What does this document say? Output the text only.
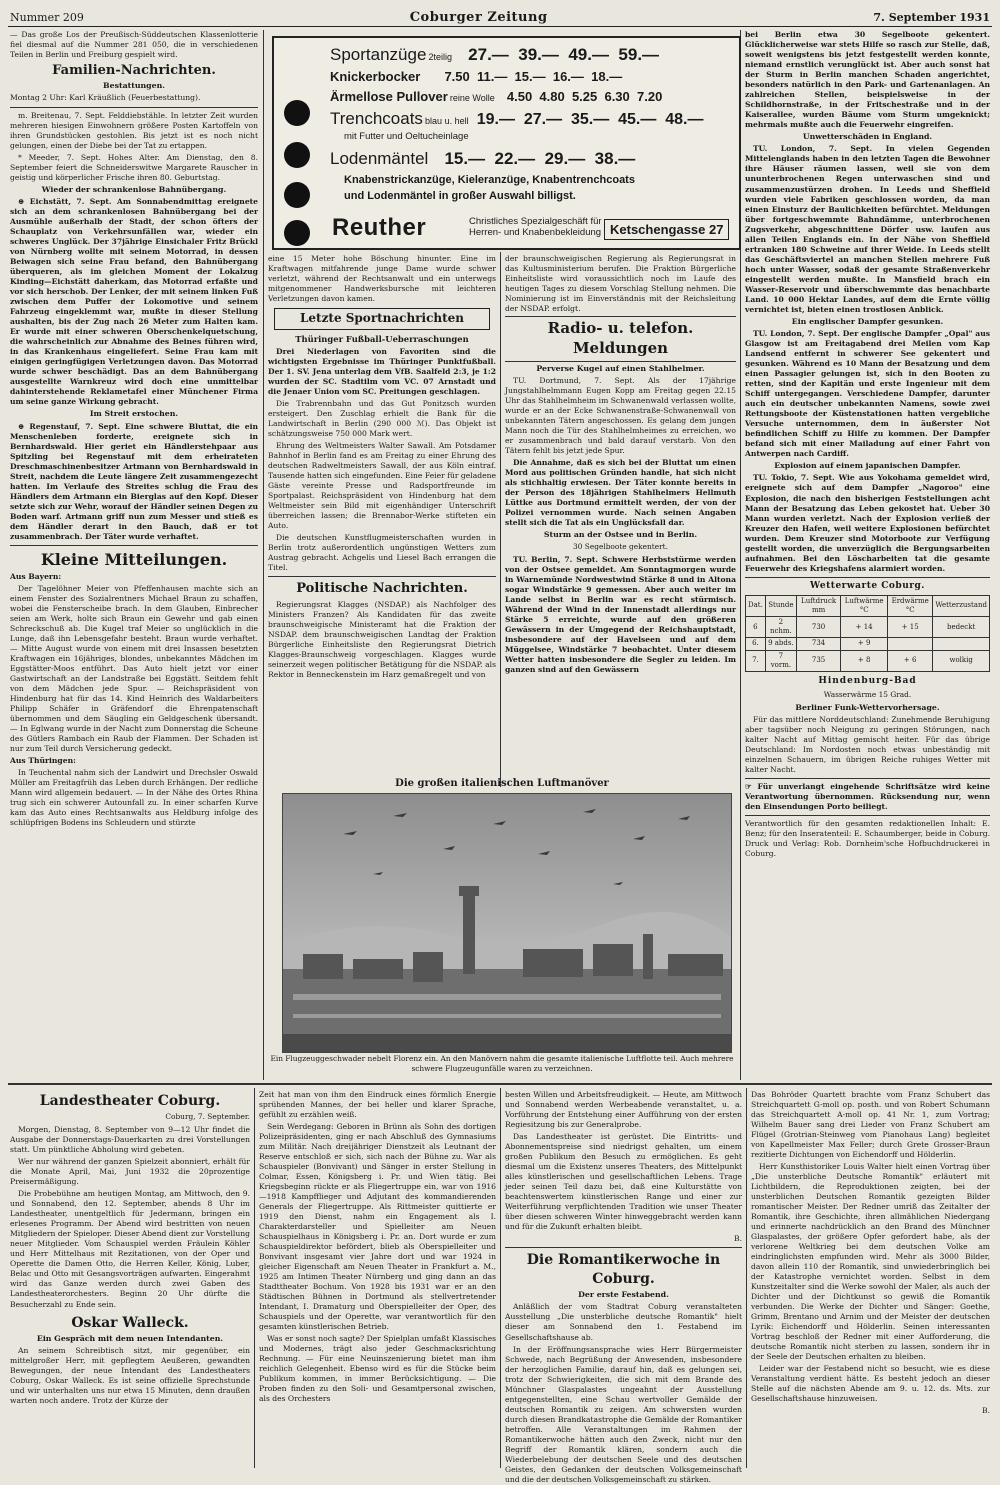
Nummer 209	Coburger Zeitung	7. September 1931

— Das große Los der Preußisch-Süddeutschen Klassenlotterie fiel diesmal auf die Nummer 281 050, die in verschiedenen Teilen in Berlin und Freiburg gespielt wird.

Familien-Nachrichten.
Bestattungen.

Montag 2 Uhr: Karl Kräußlich (Feuerbestattung).

m. Breitenau, 7. Sept. Felddiebstähle. In letzter Zeit wurden mehreren hiesigen Einwohnern größere Posten Kartoffeln von ihren Grundstücken gestohlen. Bis jetzt ist es noch nicht gelungen, einen der Diebe bei der Tat zu ertappen.

* Meeder, 7. Sept. Hohes Alter. Am Dienstag, den 8. September feiert die Schneiderswitwe Margarete Rauscher in geistig und körperlicher Frische ihren 80. Geburtstag.

Wieder der schrankenlose Bahnübergang.

⊕ Eichstätt, 7. Sept. Am Sonnabendmittag ereignete sich an dem schrankenlosen Bahnübergang bei der Ausmühle außerhalb der Stadt, der schon öfters der Schauplatz von Verkehrsunfällen war, wieder ein schweres Unglück. Der 37jährige Einsichaler Fritz Brückl von Nürnberg wollte mit seinem Motorrad, in dessen Beiwagen sich seine Frau befand, den Bahnübergang überqueren, als im gleichen Moment der Lokalzug Kinding—Eichstätt daherkam, das Motorrad erfaßte und vor sich herschob. Der Lenker, der mit seinem linken Fuß zwischen dem Puffer der Lokomotive und seinem Fahrzeug eingeklemmt war, mußte in dieser Stellung aushalten, bis der Zug nach 26 Meter zum Halten kam. Er wurde mit einer schweren Oberschenkelquetschung, die wahrscheinlich zur Abnahme des Beines führen wird, in das Krankenhaus eingeliefert. Seine Frau kam mit einigen geringfügigen Verletzungen davon. Das Motorrad wurde schwer beschädigt. Das an dem Bahnübergang ausgestellte Warnkreuz wird doch eine unmittelbar dahinterstehende Reklametafel einer Münchener Firma um seine ganze Wirkung gebracht.

Im Streit erstochen.

⊕ Regenstauf, 7. Sept. Eine schwere Bluttat, die ein Menschenleben forderte, ereignete sich in Bernhardswald. Hier geriet ein Händlerstehpaar aus Spitzling bei Regenstauf mit dem erheirateten Dreschmaschinenbesitzer Artmann von Bernhardswald in Streit, nachdem die Leute längere Zeit zusammengezecht hatten. Im Verlaufe des Streites schlug die Frau des Händlers dem Artmann ein Bierglas auf den Kopf. Dieser setzte sich zur Wehr, worauf der Händler seinen Degen zu Boden warf. Artmann griff nun zum Messer und stieß es dem Händler derart in den Bauch, daß er tot zusammenbrach. Der Täter wurde verhaftet.

Kleine Mitteilungen.

Aus Bayern:

Der Tagelöhner Meier von Pfeffenhausen machte sich an einem Fenster des Sozialrentners Michael Braun zu schaffen, wobei die Fensterscheibe brach. In dem Glauben, Einbrecher seien am Werk, holte sich Braun ein Gewehr und gab einen Schreckschuß ab. Die Kugel traf Meier so unglücklich in die Lunge, daß ihn Lebensgefahr besteht. Braun wurde verhaftet. — Mitte August wurde von einem mit drei Insassen besetzten Kraftwagen ein 16jähriges, blondes, unbekanntes Mädchen im Eggstätter-Moos entführt. Das Auto hielt jetzt vor einer Gastwirtschaft an der Landstraße bei Eggstätt. Seitdem fehlt von dem Mädchen jede Spur. — Reichspräsident von Hindenburg hat für das 14. Kind Heinrich des Waldarbeiters Philipp Schäfer in Gräfendorf die Ehrenpatenschaft übernommen und dem Säugling ein Geldgeschenk übersandt. — In Eglwang wurde in der Nacht zum Donnerstag die Scheune des Gütlers Rambach ein Raub der Flammen. Der Schaden ist nur zum Teil durch Versicherung gedeckt.

Aus Thüringen:

In Teuchental nahm sich der Landwirt und Drechsler Oswald Müller am Freitagfrüh das Leben durch Erhängen. Der redliche Mann wird allgemein bedauert. — In der Nähe des Ortes Rhina trug sich ein schwerer Autounfall zu. In einer scharfen Kurve kam das Auto eines Rechtsanwalts aus Heldburg infolge des schlüpfrigen Bodens ins Schleudern und stürzte

Sportanzüge 2teilig 27.—  39.—  49.—  59.—
Knickerbocker 7.50  11.—  15.—  16.—  18.—
Ärmellose Pullover reine Wolle 4.50  4.80  5.25  6.30  7.20
Trenchcoats blau u. hell 19.—  27.—  35.—  45.—  48.—
mit Futter und Oeltucheinlage
Lodenmäntel 15.—  22.—  29.—  38.—
Knabenstrickanzüge, Kieleranzüge, Knabentrenchcoats
und Lodenmäntel in großer Auswahl billigst.
Reuther	Christliches Spezialgeschäft für
Herren- und Knabenbekleidung Ketschengasse 27

eine 15 Meter hohe Böschung hinunter. Eine im Kraftwagen mitfahrende junge Dame wurde schwer verletzt, während der Rechtsanwalt und ein unterwegs mitgenommener Handwerksbursche mit leichteren Verletzungen davon kamen.

Letzte Sportnachrichten
Thüringer Fußball-Ueberraschungen

Drei Niederlagen von Favoriten sind die wichtigsten Ergebnisse im Thüringer Punktfußball. Der 1. SV. Jena unterlag dem VfB. Saalfeld 2:3, je 1:2 wurden der SC. Stadtilm vom VC. 07 Arnstadt und die Jenaer Union vom SC. Preitungen geschlagen.

Die Trabrennbahn und das Gut Ponitzsch wurden ersteigert. Den Zuschlag erhielt die Bank für die Landwirtschaft in Berlin (290 000 ℳ). Das Objekt ist schätzungsweise 750 000 Mark wert.

Ehrung des Weltmeisters Walter Sawall. Am Potsdamer Bahnhof in Berlin fand es am Freitag zu einer Ehrung des deutschen Radweltmeisters Sawall, der aus Köln eintraf. Tausende hatten sich eingefunden. Eine Feier für geladene Gäste vereinte Presse und Radsportfreunde im Sportpalast. Reichspräsident von Hindenburg hat dem Weltmeister sein Bild mit eigenhändiger Unterschrift überreichen lassen; die Brennabor-Werke stifteten ein Auto.

Die deutschen Kunstflugmeisterschaften wurden in Berlin trotz außerordentlich ungünstigen Wetters zum Austrag gebracht. Achgelis und Liesel Bach errangen die Titel.

Politische Nachrichten.

Regierungsrat Klagges (NSDAP.) als Nachfolger des Ministers Franzen? Als Kandidaten für das zweite braunschweigische Ministeramt hat die Fraktion der NSDAP. dem braunschweigischen Landtag der Fraktion Bürgerliche Einheitsliste den Regierungsrat Dietrich Klagges-Braunschweig vorgeschlagen. Klagges wurde seinerzeit wegen politischer Betätigung für die NSDAP. als Rektor in Benneckenstein im Harz gemaßregelt und von

der braunschweigischen Regierung als Regierungsrat in das Kultusministerium berufen. Die Fraktion Bürgerliche Einheitsliste wird voraussichtlich noch im Laufe des heutigen Tages zu diesem Vorschlag Stellung nehmen. Die Nominierung ist im Einverständnis mit der Reichsleitung der NSDAP. erfolgt.

Radio- u. telefon. Meldungen
Perverse Kugel auf einen Stahlhelmer.

TU. Dortmund, 7. Sept. Als der 17jährige Jungstahlhelmmann Eugen Kopp am Freitag gegen 22.15 Uhr das Stahlhelmheim im Schwanenwald verlassen wollte, wurde er an der Ecke Schwanenstraße-Schwanenwall von unbekannten Tätern angeschossen. Es gelang dem jungen Mann noch die Tür des Stahlhelmheimes zu erreichen, wo er zusammenbrach und bald darauf verstarb. Von den Tätern fehlt bis jetzt jede Spur.

Die Annahme, daß es sich bei der Bluttat um einen Mord aus politischen Gründen handle, hat sich nicht als stichhaltig erwiesen. Der Täter konnte bereits in der Person des 18jährigen Stahlhelmers Hellmuth Lüttke aus Dortmund ermittelt werden, der von der Polizei vernommen wurde. Nach seinen Angaben stellt sich die Tat als ein Unglücksfall dar.

Sturm an der Ostsee und in Berlin.
30 Segelboote gekentert.

TU. Berlin, 7. Sept. Schwere Herbststürme werden von der Ostsee gemeldet. Am Sonntagmorgen wurde in Warnemünde Nordwestwind Stärke 8 und in Altona sogar Windstärke 9 gemessen. Aber auch weiter im Lande selbst in Berlin war es recht stürmisch. Während der Wind in der Innenstadt allerdings nur Stärke 5 erreichte, wurde auf den größeren Gewässern in der Umgegend der Reichshauptstadt, insbesondere auf der Havelseen und auf dem Müggelsee, Windstärke 7 beobachtet. Unter diesem Wetter hatten insbesondere die Segler zu leiden. Im ganzen sind auf den Gewässern

Die großen italienischen Luftmanöver
Ein Flugzeuggeschwader nebelt Florenz ein. An den Manövern nahm die gesamte italienische Luftflotte teil. Auch mehrere schwere Flugzeugunfälle waren zu verzeichnen.

bei Berlin etwa 30 Segelboote gekentert. Glücklicherweise war stets Hilfe so rasch zur Stelle, daß, soweit wenigstens bis jetzt festgestellt werden konnte, niemand ernstlich verunglückt ist. Aber auch sonst hat der Sturm in Berlin manchen Schaden angerichtet, besonders natürlich in den Park- und Gartenanlagen. An zahlreichen Stellen, beispielsweise in der Schildhornstraße, in der Fritschestraße und in der Kaiserallee, wurden Bäume vom Sturm umgeknickt; mehrmals mußte auch die Feuerwehr eingreifen.

Unwetterschäden in England.

TU. London, 7. Sept. In vielen Gegenden Mittelenglands haben in den letzten Tagen die Bewohner ihre Häuser räumen lassen, weil sie von dem ununterbrochenen Regen unterwaschen sind und zusammenzustürzen drohen. In Leeds und Sheffield wurden viele Fabriken geschlossen worden, da man einen Einsturz der Baulichkeiten befürchtet. Meldungen über fortgeschwemmte Bahndämme, unterbrochenen Zugsverkehr, abgeschnittene Dörfer usw. laufen aus allen Teilen Englands ein. In der Nähe von Sheffield ertranken 180 Schweine auf ihrer Weide. In Leeds stellt das Geschäftsviertel an manchen Stellen mehrere Fuß hoch unter Wasser, sodaß der gesamte Straßenverkehr eingestellt werden mußte. In Mansfield brach ein Wasser-Reservoir und überschwemmte das benachbarte Land. 10 000 Hektar Landes, auf dem die Ernte völlig vernichtet ist, bieten einen trostlosen Anblick.

Ein englischer Dampfer gesunken.

TU. London, 7. Sept. Der englische Dampfer „Opal" aus Glasgow ist am Freitagabend drei Meilen vom Kap Landsend entfernt in schwerer See gekentert und gesunken. Während es 10 Mann der Besatzung und dem einen Passagier gelungen ist, sich in den Booten zu retten, sind der Kapitän und erste Ingenieur mit dem Schiff untergegangen. Verschiedene Dampfer, darunter auch ein deutscher unbekannten Namens, sowie zwei Rettungsboote der Küstenstationen hatten vergebliche Versuche unternommen, dem in äußerster Not befindlichen Schiff zu Hilfe zu kommen. Der Dampfer befand sich mit einer Mailadung auf einer Fahrt von Antwerpen nach Cardiff.

Explosion auf einem japanischen Dampfer.

TU. Tokio, 7. Sept. Wie aus Yokohama gemeldet wird, ereignete sich auf dem Dampfer „Nagoroo" eine Explosion, die nach den bisherigen Feststellungen acht Mann der Besatzung das Leben gekostet hat. Ueber 30 Mann wurden verletzt. Nach der Explosion verließ der Kreuzer den Hafen, weil weitere Explosionen befürchtet wurden. Dem Kreuzer sind Motorboote zur Verfügung gestellt worden, die unverzüglich die Bergungsarbeiten aufnahmen. Bei den Löscharbeiten tat die gesamte Feuerwehr des Kriegshafens alarmiert worden.

Wetterwarte Coburg.
Dat.	Stunde	Luftdruck mm	Luftwärme °C	Erdwärme °C	Wetterzustand
6	2 nchm.	730	+ 14	+ 15	bedeckt
6.	9 abds.	734	+ 9		
7.	7 vorm.	735	+ 8	+ 6	wolkig
Hindenburg-Bad
Wasserwärme 15 Grad.
Berliner Funk-Wettervorhersage.

Für das mittlere Norddeutschland: Zunehmende Beruhigung aber tagsüber noch Neigung zu geringen Störungen, nach kalter Nacht auf Mittag gemischt heiter. Für das übrige Deutschland: Im Nordosten noch etwas unbeständig mit einzelnen Schauern, im übrigen Reiche ruhiges Wetter mit kalter Nacht.

☞ Für unverlangt eingehende Schriftsätze wird keine Verantwortung übernommen. Rücksendung nur, wenn den Einsendungen Porto beiliegt.

Verantwortlich für den gesamten redaktionellen Inhalt: E. Benz; für den Inseratenteil: E. Schaumberger, beide in Coburg. Druck und Verlag: Rob. Dornheim'sche Hofbuchdruckerei in Coburg.

Landestheater Coburg.
Coburg, 7. September.

Morgen, Dienstag, 8. September von 9—12 Uhr findet die Ausgabe der Donnerstags-Dauerkarten zu drei Vorstellungen statt. Um pünktliche Abholung wird gebeten.

Wer nur während der ganzen Spielzeit abonniert, erhält für die Monate April, Mai, Juni 1932 die 20prozentige Preisermäßigung.

Die Probebühne am heutigen Montag, am Mittwoch, den 9. und Sonnabend, den 12. September, abends 8 Uhr im Landestheater, unentgeltlich für Jedermann, bringen ein erlesenes Programm. Der Abend wird bestritten von neuen Mitgliedern der Spieloper. Dieser Abend dient zur Vorstellung neuer Mitglieder. Vom Schauspiel werden Fräulein Köhler und Herr Mittelhaus mit Rezitationen, von der Oper und Operette die Damen Otto, die Herren Keller, König, Luber, Belac und Otto mit Gesangsvorträgen aufwarten. Eingerahmt wird das Ganze werden durch zwei Gaben des Landestheaterorchesters. Beginn 20 Uhr dürfte die Besucherzahl zu Ende sein.

Oskar Walleck.
Ein Gespräch mit dem neuen Intendanten.

An seinem Schreibtisch sitzt, mir gegenüber, ein mittelgroßer Herr, mit gepflegtem Aeußeren, gewandten Bewegungen, der neue Intendant des Landestheaters Coburg, Oskar Walleck. Es ist seine offizielle Sprechstunde und wir unterhalten uns nur etwa 15 Minuten, denn draußen warten noch andere. Trotz der Kürze der

Zeit hat man von ihm den Eindruck eines förmlich Energie sprühenden Mannes, der bei heller und klarer Sprache, gefühlt zu erzählen weiß.

Sein Werdegang: Geboren in Brünn als Sohn des dortigen Polizeipräsidenten, ging er nach Abschluß des Gymnasiums zum Militär. Nach dreijähriger Dienstzeit als Leutnant der Reserve entschloß er sich, sich nach der Bühne zu. War als Schauspieler (Bonvivant) und Sänger in erster Stellung in Colmar, Essen, Königsberg i. Pr. und Wien tätig. Bei Kriegsbeginn rückte er als Fliegertruppe ein, war von 1916—1918 Kampfflieger und Adjutant des kommandierenden Generals der Fliegertruppe. Als Rittmeister quittierte er 1919 den Dienst, nahm ein Engagement als I. Charakterdarsteller und Spielleiter am Neuen Schauspielhaus in Königsberg i. Pr. an. Dort wurde er zum Schauspieldirektor befördert, blieb als Oberspielleiter und Bonvivant insgesamt vier Jahre dort und war 1924 in gleicher Eigenschaft am Neuen Theater in Frankfurt a. M., 1925 am Intimen Theater Nürnberg und ging dann an das Stadttheater Bochum. Von 1928 bis 1931 war er an den Städtischen Bühnen in Dortmund als stellvertretender Intendant, I. Dramaturg und Oberspielleiter der Oper, des Schauspiels und der Operette, war verantwortlich für den gesamten künstlerischen Betrieb.

Was er sonst noch sagte? Der Spielplan umfaßt Klassisches und Modernes, trägt also jeder Geschmacksrichtung Rechnung. — Für eine Neuinszenierung bietet man ihm reichlich Gelegenheit. Ebenso wird es für die Stücke beim Publikum kommen, in immer Berücksichtigung. — Die Proben finden zu den Soli- und Gesamtpersonal zwischen, als des Orchesters

besten Willen und Arbeitsfreudigkeit. — Heute, am Mittwoch und Sonnabend werden Werbeabende veranstaltet, u. a. Vorführung der Entstehung einer Aufführung von der ersten Regiesitzung bis zur Generalprobe.

Das Landestheater ist gerüstet. Die Eintritts- und Abonnementspreise sind niedrigst gehalten, um einem großen Publikum den Besuch zu ermöglichen. Es geht diesmal um die Existenz unseres Theaters, des Mittelpunkt alles künstlerischen und gesellschaftlichen Lebens. Trage jeder seinen Teil dazu bei, daß eine Kulturstätte von beachtenswertem künstlerischen Range und einer zur Weiterführung verpflichtenden Tradition wie unser Theater über diesen schweren Winter hinweggebracht werden kann und für die Zukunft erhalten bleibt.

B.

Die Romantikerwoche in Coburg.
Der erste Festabend.

Anläßlich der vom Stadtrat Coburg veranstalteten Ausstellung „Die unsterbliche deutsche Romantik" hielt dieser am Sonnabend den 1. Festabend im Gesellschaftshause ab.

In der Eröffnungsansprache wies Herr Bürgermeister Schwede, nach Begrüßung der Anwesenden, insbesondere der herzoglichen Familie, darauf hin, daß es gelungen sei, trotz der Schwierigkeiten, die sich mit dem Brande des Münchner Glaspalastes ungeahnt der Ausstellung entgegenstellten, eine Schau wertvoller Gemälde der deutschen Romantik zu zeigen. Am schwersten wurden durch diesen Brandkatastrophe die Gemälde der Romantiker betroffen. Alle Veranstaltungen im Rahmen der Romantikerwoche hätten auch den Zweck, nicht nur den Begriff der Romantik klären, sondern auch die Wiederbelebung der deutschen Seele und des deutschen Geistes, den Gedanken der deutschen Volksgemeinschaft und die der deutschen Volksgemeinschaft zu stärken.

Das Bohröder Quartett brachte vom Franz Schubert das Streichquartett G-moll op. posth. und von Robert Schumann das Streichquartett A-moll op. 41 Nr. 1, zum Vortrag; Wilhelm Bauer sang drei Lieder von Franz Schubert am Flügel (Grotrian-Steinweg vom Pianohaus Lang) begleitet von Kapellmeister Max Feller; durch Grete Grosser-Braun rezitierte Dichtungen von Eichendorff und Hölderlin.

Herr Kunsthistoriker Louis Walter hielt einen Vortrag über „Die unsterbliche Deutsche Romantik" erläutert mit Lichtbildern, die Reproduktionen zeigten, bei der unsterblichen Deutschen Romantik gezeigten Bilder romantischer Meister. Der Redner umriß das Zeitalter der Romantik, ihre Geschichte, ihren allmählichen Niedergang und erinnerte nachdrücklich an den Brand des Münchner Glaspalastes, der größere Opfer gefordert habe, als der verlorene Weltkrieg bei dem deutschen Volke am eindringlichsten empfunden wird. Mehr als 3000 Bilder, davon allein 110 der Romantik, sind unwiederbringlich bei der Katastrophe vernichtet worden. Selbst in dem Kunstzeitalter sind die Werke sowohl der Maler, als auch der Dichter und der Dichtkunst so gewiß die Romantik verbunden. Die Werke der Dichter und Sänger: Goethe, Grimm, Brentano und Arnim und der Meister der deutschen Lyrik: Eichendorff und Hölderlin. Seinen interessanten Vortrag beschloß der Redner mit einer Aufforderung, die deutsche Romantik nicht sterben zu lassen, sondern ihr in der Seele der Deutschen erhalten zu bleiben.

Leider war der Festabend nicht so besucht, wie es diese Veranstaltung verdient hätte. Es besteht jedoch an dieser Stelle auf die nächsten Abende am 9. u. 12. ds. Mts. zur Gesellschaftshause hinzuweisen.

B.
